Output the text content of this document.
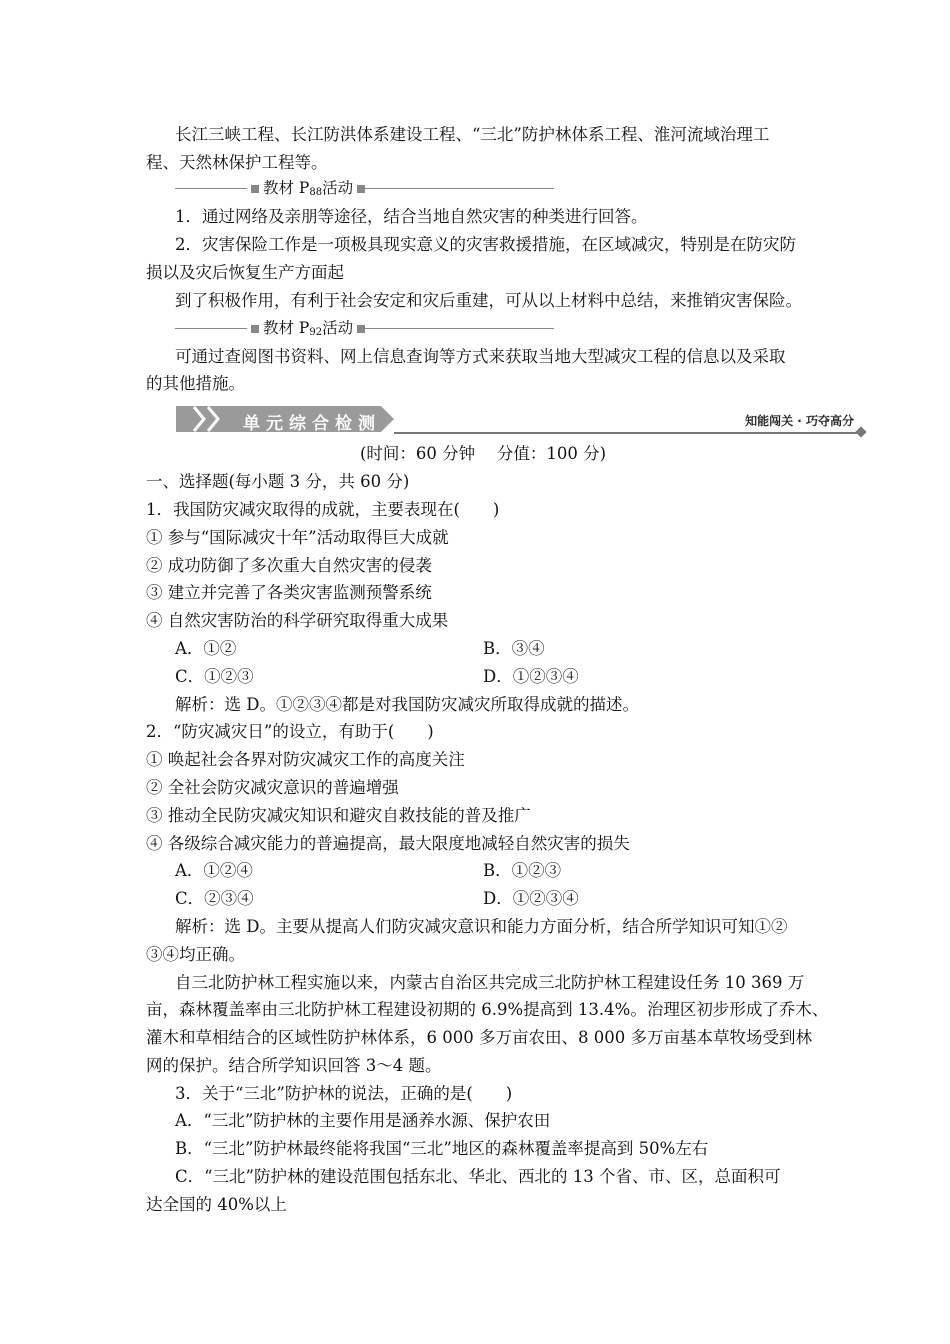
长江三峡工程、长江防洪体系建设工程、“三北”防护林体系工程、淮河流域治理工
程、天然林保护工程等。
教材 $P_{88}$活动
1．通过网络及亲朋等途径，结合当地自然灾害的种类进行回答。
2．灾害保险工作是一项极具现实意义的灾害救援措施，在区域减灾，特别是在防灾防
损以及灾后恢复生产方面起
到了积极作用，有利于社会安定和灾后重建，可从以上材料中总结，来推销灾害保险。
教材 $P_{92}$活动
可通过查阅图书资料、网上信息查询等方式来获取当地大型减灾工程的信息以及采取
的其他措施。
单元综合检测	知能闯关 · 巧夺高分
(时间：60 分钟　 分值：100 分)
一、选择题(每小题 3 分，共 60 分)
1．我国防灾减灾取得的成就，主要表现在(　　)
① 参与“国际减灾十年”活动取得巨大成就
② 成功防御了多次重大自然灾害的侵袭
③ 建立并完善了各类灾害监测预警系统
④ 自然灾害防治的科学研究取得重大成果
A．①②	B．③④
C．①②③	D．①②③④
解析：选 D。①②③④都是对我国防灾减灾所取得成就的描述。
2．“防灾减灾日”的设立，有助于(　　)
① 唤起社会各界对防灾减灾工作的高度关注
② 全社会防灾减灾意识的普遍增强
③ 推动全民防灾减灾知识和避灾自救技能的普及推广
④ 各级综合减灾能力的普遍提高，最大限度地减轻自然灾害的损失
A．①②④	B．①②③
C．②③④	D．①②③④
解析：选 D。主要从提高人们防灾减灾意识和能力方面分析，结合所学知识可知①②
③④均正确。
自三北防护林工程实施以来，内蒙古自治区共完成三北防护林工程建设任务 10 369 万
亩，森林覆盖率由三北防护林工程建设初期的 6.9%提高到 13.4%。治理区初步形成了乔木、
灌木和草相结合的区域性防护林体系，6 000 多万亩农田、8 000 多万亩基本草牧场受到林
网的保护。结合所学知识回答 3～4 题。
3．关于“三北”防护林的说法，正确的是(　　)
A．“三北”防护林的主要作用是涵养水源、保护农田
B．“三北”防护林最终能将我国“三北”地区的森林覆盖率提高到 50%左右
C．“三北”防护林的建设范围包括东北、华北、西北的 13 个省、市、区，总面积可
达全国的 40%以上
